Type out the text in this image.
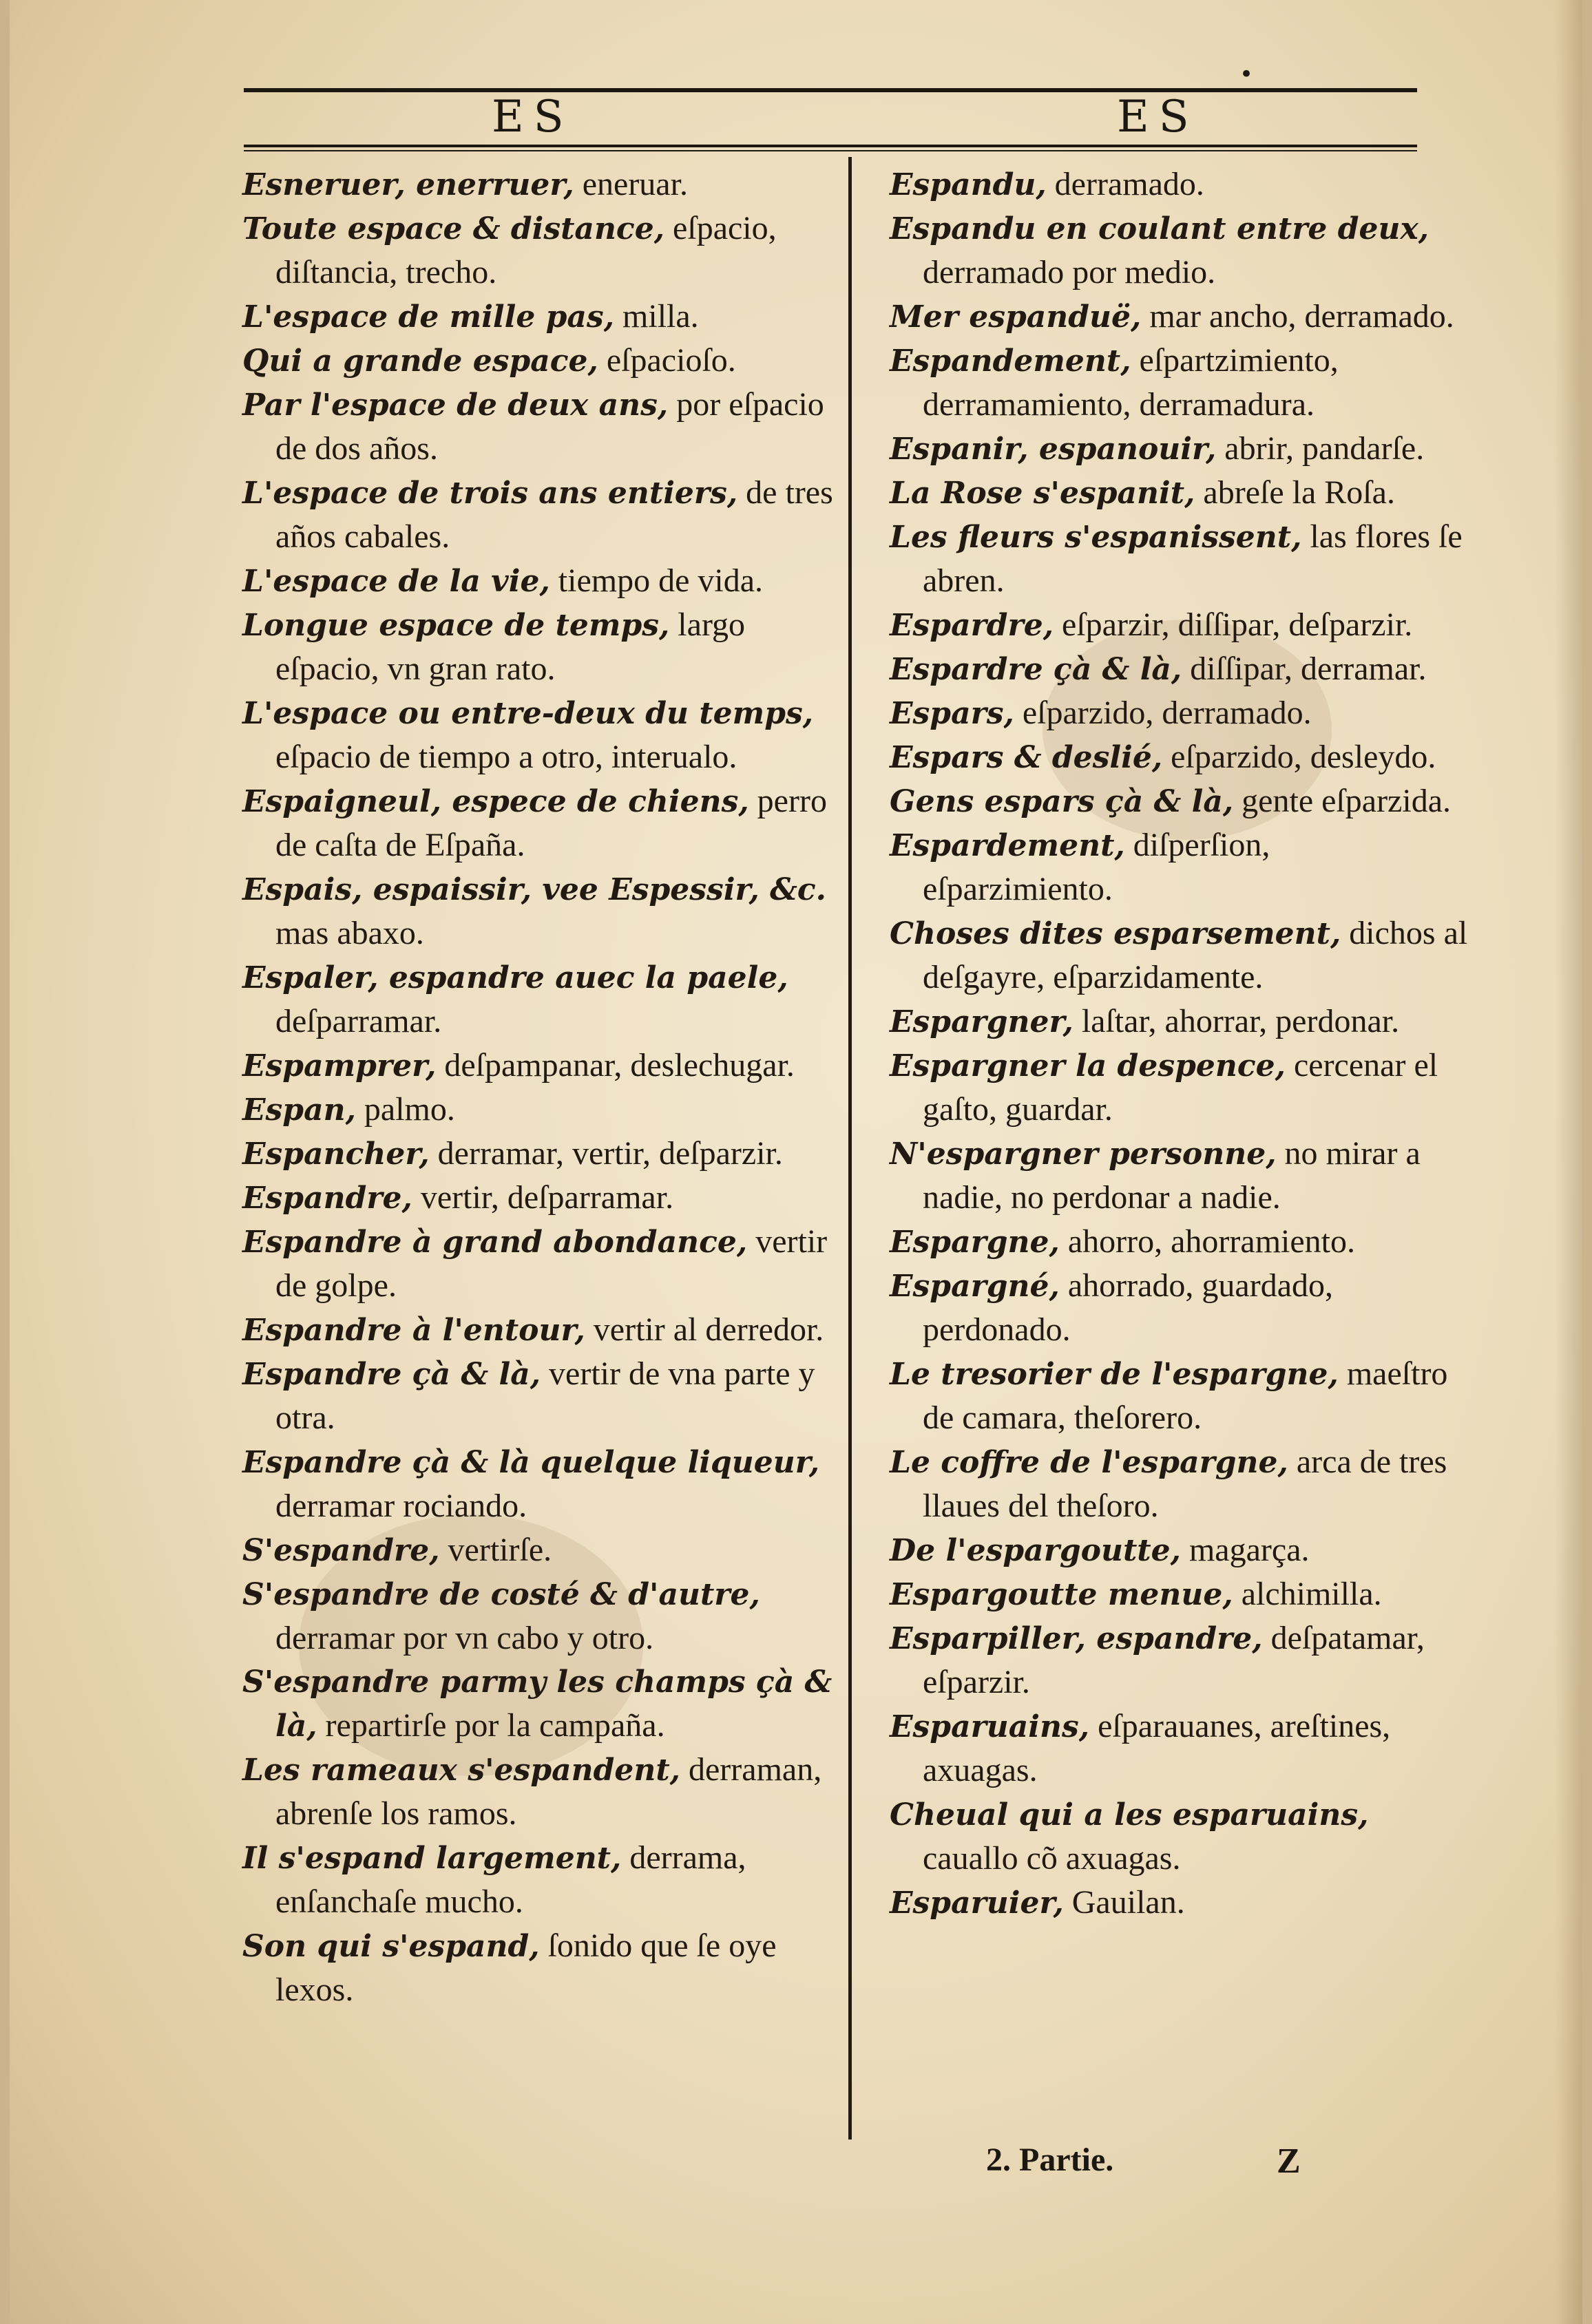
•
ES	ES

Esneruer, enerruer, eneruar.

Toute espace & distance, eſpacio, diſtancia, trecho.

L'espace de mille pas, milla.

Qui a grande espace, eſpacioſo.

Par l'espace de deux ans, por eſpacio de dos años.

L'espace de trois ans entiers, de tres años cabales.

L'espace de la vie, tiempo de vida.

Longue espace de temps, largo eſpacio, vn gran rato.

L'espace ou entre-deux du temps, eſpacio de tiempo a otro, interualo.

Espaigneul, espece de chiens, perro de caſta de Eſpaña.

Espais, espaissir, vee Espessir, &c. mas abaxo.

Espaler, espandre auec la paele, deſparramar.

Espamprer, deſpampanar, deslechugar.

Espan, palmo.

Espancher, derramar, vertir, deſparzir.

Espandre, vertir, deſparramar.

Espandre à grand abondance, vertir de golpe.

Espandre à l'entour, vertir al derredor.

Espandre çà & là, vertir de vna parte y otra.

Espandre çà & là quelque liqueur, derramar rociando.

S'espandre, vertirſe.

S'espandre de costé & d'autre, derramar por vn cabo y otro.

S'espandre parmy les champs çà & là, repartirſe por la campaña.

Les rameaux s'espandent, derraman, abrenſe los ramos.

Il s'espand largement, derrama, enſanchaſe mucho.

Son qui s'espand, ſonido que ſe oye lexos.

Espandu, derramado.

Espandu en coulant entre deux, derramado por medio.

Mer espanduë, mar ancho, derramado.

Espandement, eſpartzimiento, derramamiento, derramadura.

Espanir, espanouir, abrir, pandarſe.

La Rose s'espanit, abreſe la Roſa.

Les fleurs s'espanissent, las flores ſe abren.

Espardre, eſparzir, diſſipar, deſparzir.

Espardre çà & là, diſſipar, derramar.

Espars, eſparzido, derramado.

Espars & deslié, eſparzido, desleydo.

Gens espars çà & là, gente eſparzida.

Espardement, diſperſion, eſparzimiento.

Choses dites esparsement, dichos al deſgayre, eſparzidamente.

Espargner, laſtar, ahorrar, perdonar.

Espargner la despence, cercenar el gaſto, guardar.

N'espargner personne, no mirar a nadie, no perdonar a nadie.

Espargne, ahorro, ahorramiento.

Espargné, ahorrado, guardado, perdonado.

Le tresorier de l'espargne, maeſtro de camara, theſorero.

Le coffre de l'espargne, arca de tres llaues del theſoro.

De l'espargoutte, magarça.

Espargoutte menue, alchimilla.

Esparpiller, espandre, deſpatamar, eſparzir.

Esparuains, eſparauanes, areſtines, axuagas.

Cheual qui a les esparuains, cauallo cõ axuagas.

Esparuier, Gauilan.

2. Partie.	Z
